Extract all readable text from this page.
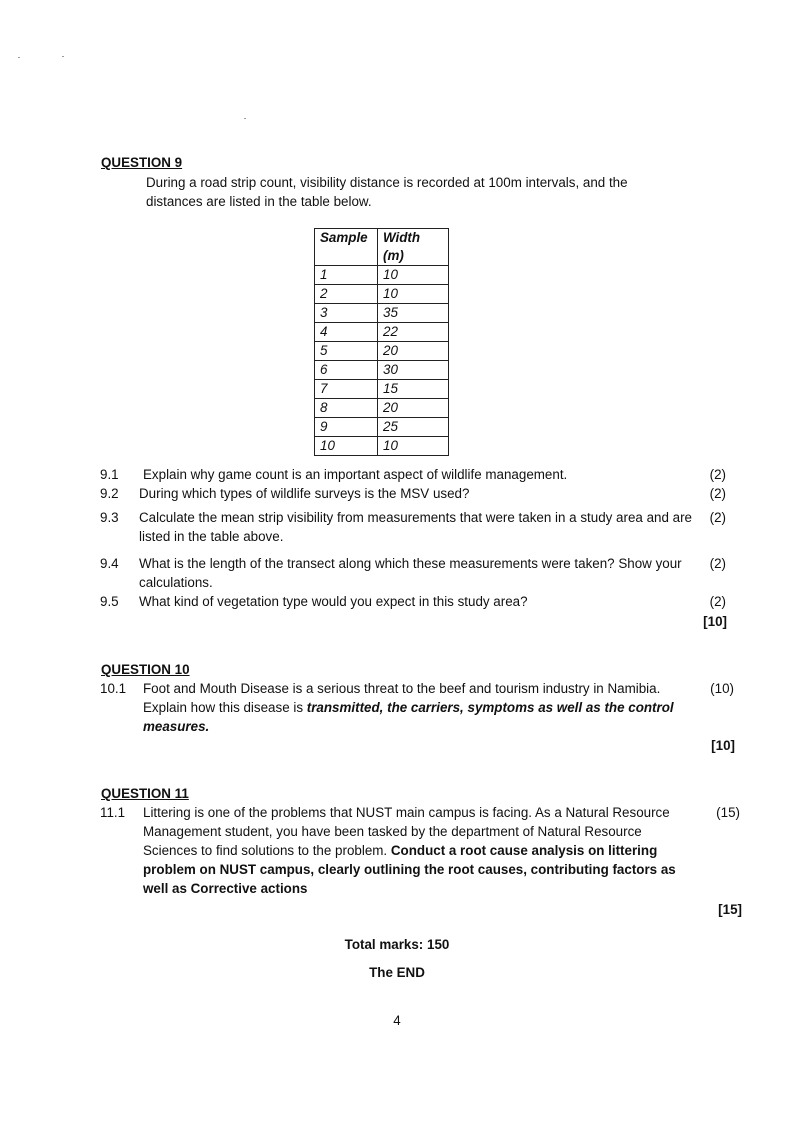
QUESTION 9
During a road strip count, visibility distance is recorded at 100m intervals, and the distances are listed in the table below.
Sample	Width (m)
1	10
2	10
3	35
4	22
5	20
6	30
7	15
8	20
9	25
10	10
9.1 Explain why game count is an important aspect of wildlife management.	(2)
9.2 During which types of wildlife surveys is the MSV used?	(2)
9.3 Calculate the mean strip visibility from measurements that were taken in a study area and are listed in the table above.
(2)
9.4 What is the length of the transect along which these measurements were taken? Show your calculations.
(2)
9.5 What kind of vegetation type would you expect in this study area?	(2)
[10]
QUESTION 10
10.1 Foot and Mouth Disease is a serious threat to the beef and tourism industry in Namibia. Explain how this disease is transmitted, the carriers, symptoms as well as the control measures.
(10)
[10]
QUESTION 11
11.1 Littering is one of the problems that NUST main campus is facing. As a Natural Resource Management student, you have been tasked by the department of Natural Resource Sciences to find solutions to the problem. Conduct a root cause analysis on littering problem on NUST campus, clearly outlining the root causes, contributing factors as well as Corrective actions
(15)
[15]
Total marks: 150
The END
4
